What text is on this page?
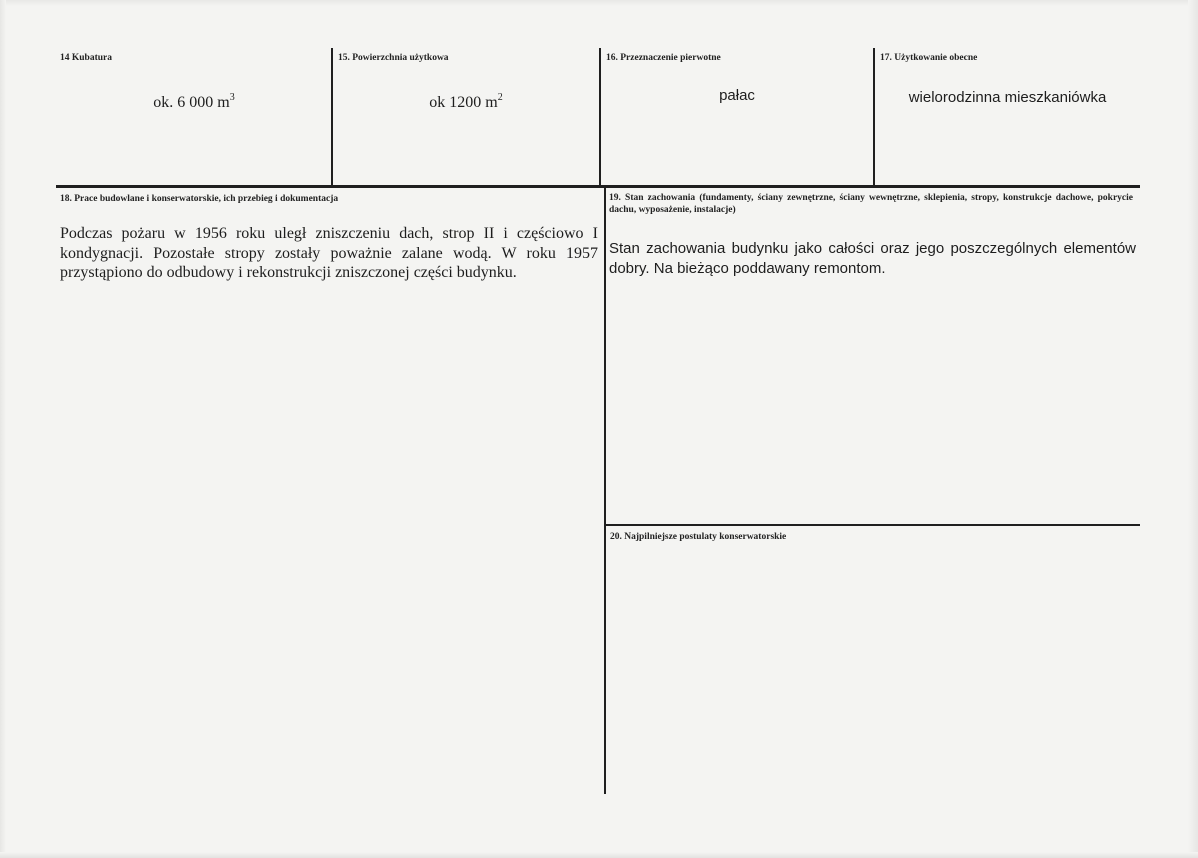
14 Kubatura
ok. 6 000 $m^3$
15. Powierzchnia użytkowa
ok 1200 $m^2$
16. Przeznaczenie pierwotne
pałac
17. Użytkowanie obecne
wielorodzinna mieszkaniówka
18. Prace budowlane i konserwatorskie, ich przebieg i dokumentacja
Podczas pożaru w 1956 roku uległ zniszczeniu dach, strop II i częściowo I kondygnacji. Pozostałe stropy zostały poważnie zalane wodą. W roku 1957 przystąpiono do odbudowy i rekonstrukcji zniszczonej części budynku.
19. Stan zachowania (fundamenty, ściany zewnętrzne, ściany wewnętrzne, sklepienia, stropy, konstrukcje dachowe, pokrycie dachu, wyposażenie, instalacje)
Stan zachowania budynku jako całości oraz jego poszczególnych elementów dobry. Na bieżąco poddawany remontom.
20. Najpilniejsze postulaty konserwatorskie
